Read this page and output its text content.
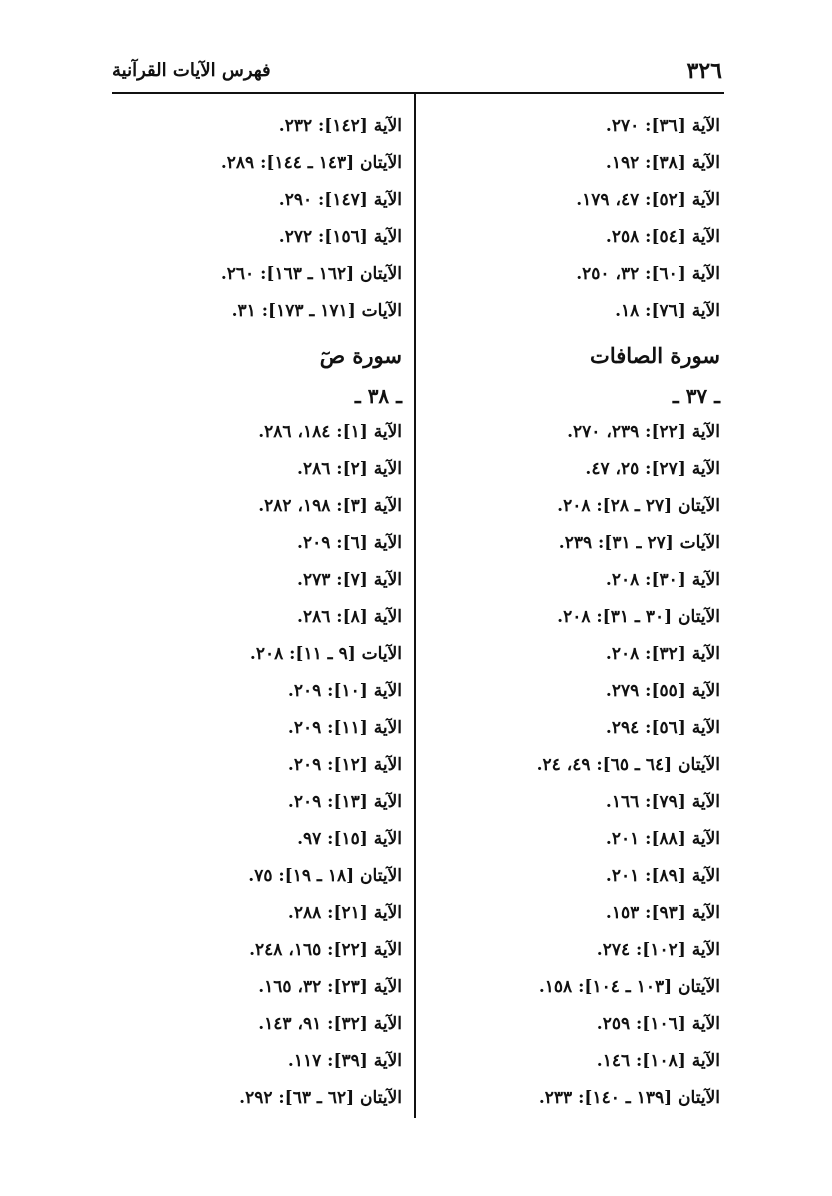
٣٢٦
فهرس الآيات القرآنية
الآية [٣٦]: ٢٧٠.
الآية [٣٨]: ١٩٢.
الآية [٥٢]: ٤٧، ١٧٩.
الآية [٥٤]: ٢٥٨.
الآية [٦٠]: ٣٢، ٢٥٠.
الآية [٧٦]: ١٨.
سورة الصافات
ـ ٣٧ ـ
الآية [٢٢]: ٢٣٩، ٢٧٠.
الآية [٢٧]: ٢٥، ٤٧.
الآيتان [٢٧ ـ ٢٨]: ٢٠٨.
الآيات [٢٧ ـ ٣١]: ٢٣٩.
الآية [٣٠]: ٢٠٨.
الآيتان [٣٠ ـ ٣١]: ٢٠٨.
الآية [٣٢]: ٢٠٨.
الآية [٥٥]: ٢٧٩.
الآية [٥٦]: ٢٩٤.
الآيتان [٦٤ ـ ٦٥]: ٤٩، ٢٤.
الآية [٧٩]: ١٦٦.
الآية [٨٨]: ٢٠١.
الآية [٨٩]: ٢٠١.
الآية [٩٣]: ١٥٣.
الآية [١٠٢]: ٢٧٤.
الآيتان [١٠٣ ـ ١٠٤]: ١٥٨.
الآية [١٠٦]: ٢٥٩.
الآية [١٠٨]: ١٤٦.
الآيتان [١٣٩ ـ ١٤٠]: ٢٣٣.
الآية [١٤٢]: ٢٣٢.
الآيتان [١٤٣ ـ ١٤٤]: ٢٨٩.
الآية [١٤٧]: ٢٩٠.
الآية [١٥٦]: ٢٧٢.
الآيتان [١٦٢ ـ ١٦٣]: ٢٦٠.
الآيات [١٧١ ـ ١٧٣]: ٣١.
سورة صٓ
ـ ٣٨ ـ
الآية [١]: ١٨٤، ٢٨٦.
الآية [٢]: ٢٨٦.
الآية [٣]: ١٩٨، ٢٨٢.
الآية [٦]: ٢٠٩.
الآية [٧]: ٢٧٣.
الآية [٨]: ٢٨٦.
الآيات [٩ ـ ١١]: ٢٠٨.
الآية [١٠]: ٢٠٩.
الآية [١١]: ٢٠٩.
الآية [١٢]: ٢٠٩.
الآية [١٣]: ٢٠٩.
الآية [١٥]: ٩٧.
الآيتان [١٨ ـ ١٩]: ٧٥.
الآية [٢١]: ٢٨٨.
الآية [٢٢]: ١٦٥، ٢٤٨.
الآية [٢٣]: ٣٢، ١٦٥.
الآية [٣٢]: ٩١، ١٤٣.
الآية [٣٩]: ١١٧.
الآيتان [٦٢ ـ ٦٣]: ٢٩٢.
